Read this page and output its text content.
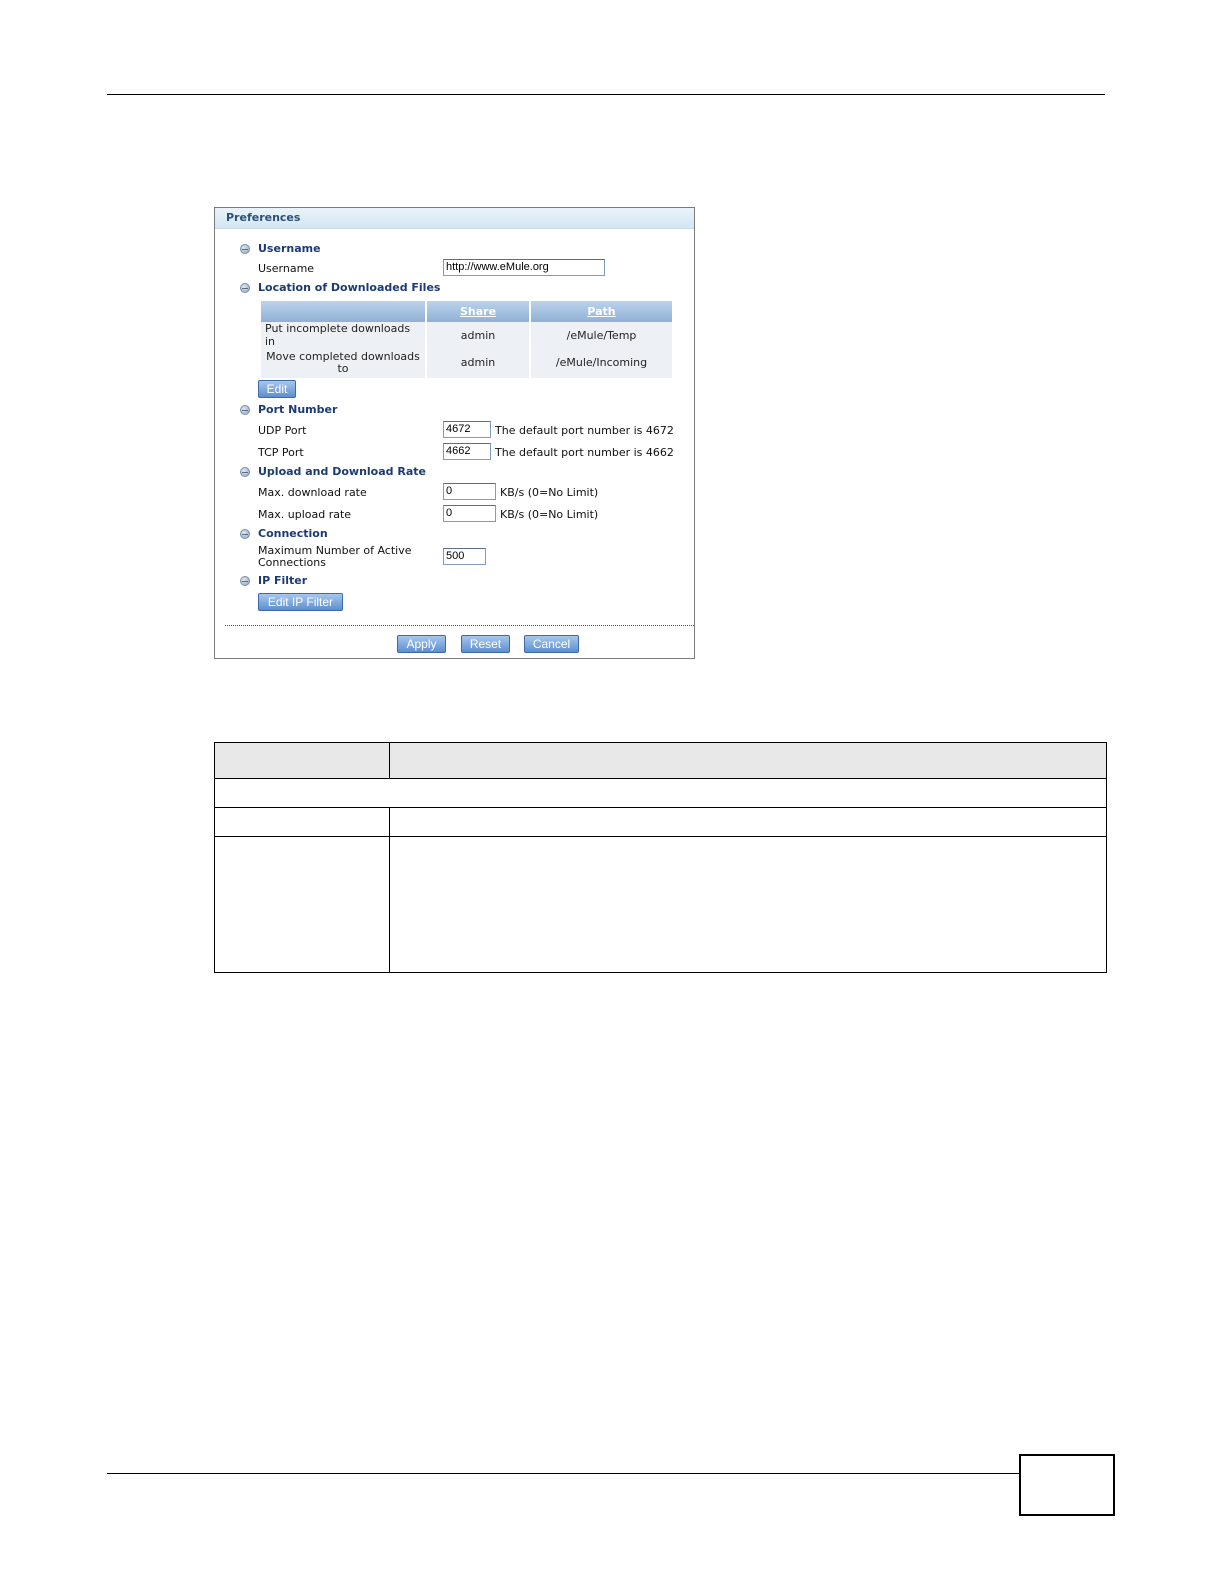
Preferences
Username
Username	http://www.eMule.org
Location of Downloaded Files
	Share	Path
Put incomplete downloads in	admin	/eMule/Temp
Move completed downloads to	admin	/eMule/Incoming
Edit
Port Number
UDP Port	4672	The default port number is 4672
TCP Port	4662	The default port number is 4662
Upload and Download Rate
Max. download rate	0	KB/s (0=No Limit)
Max. upload rate	0	KB/s (0=No Limit)
Connection
Maximum Number of Active
Connections	500
IP Filter
Edit IP Filter
Apply	Reset	Cancel
